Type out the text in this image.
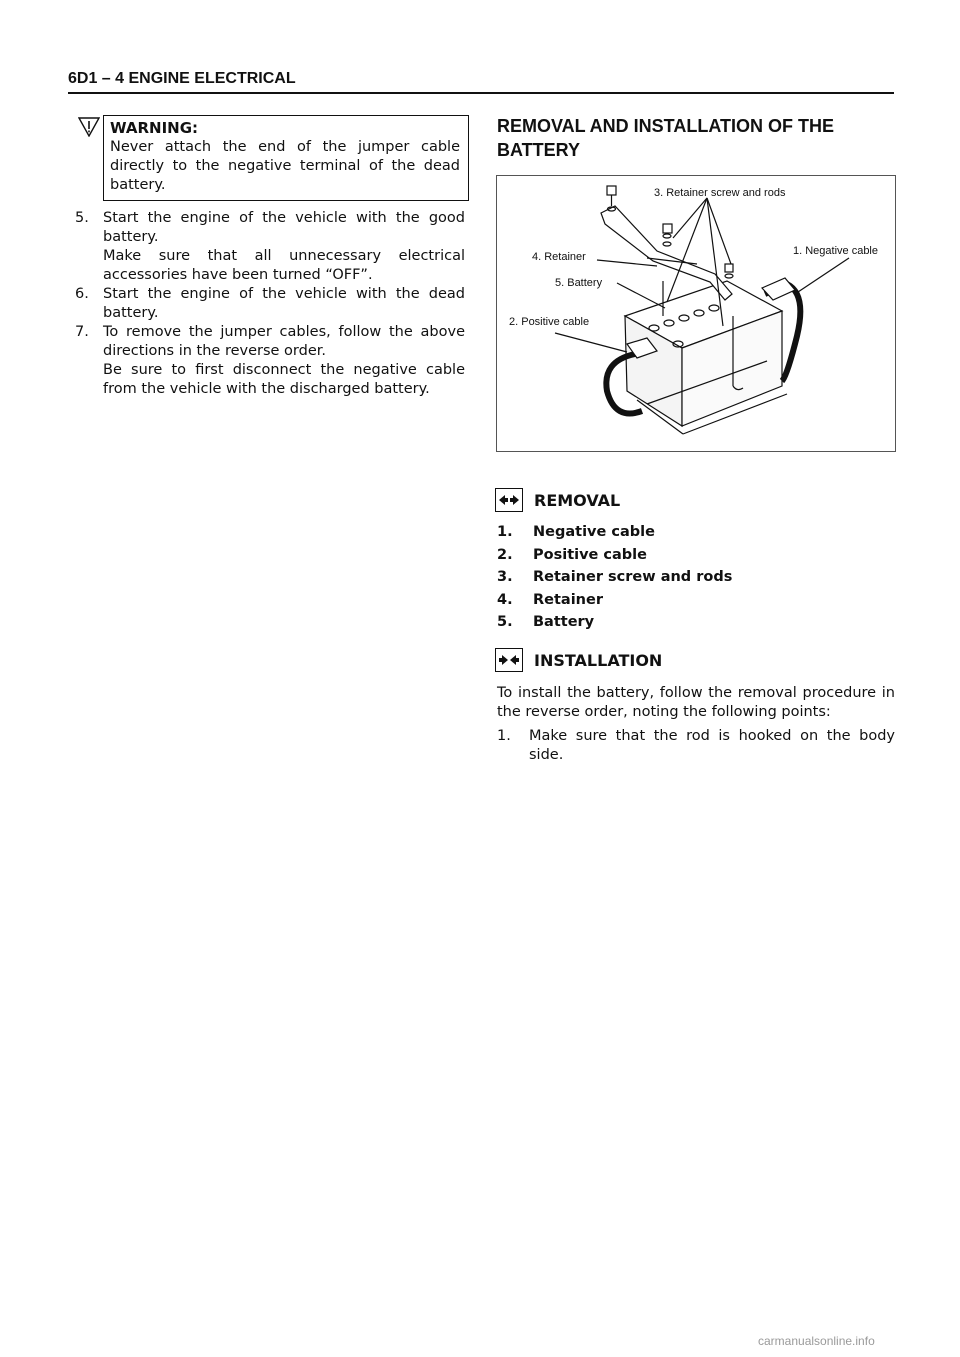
6D1 – 4 ENGINE ELECTRICAL
WARNING:
Never attach the end of the jumper cable directly to the negative terminal of the dead battery.
5. Start the engine of the vehicle with the good battery.

Make sure that all unnecessary electrical accessories have been turned “OFF”.

6. Start the engine of the vehicle with the dead battery.

7. To remove the jumper cables, follow the above directions in the reverse order.

Be sure to first disconnect the negative cable from the vehicle with the discharged battery.

REMOVAL AND INSTALLATION OF THE BATTERY
3. Retainer screw and rods
4. Retainer	1. Negative cable
5. Battery
2. Positive cable
REMOVAL
1.	Negative cable
2.	Positive cable
3.	Retainer screw and rods
4.	Retainer
5.	Battery
INSTALLATION

To install the battery, follow the removal procedure in the reverse order, noting the following points:

1.	Make sure that the rod is hooked on the body side.
carmanualsonline.info
